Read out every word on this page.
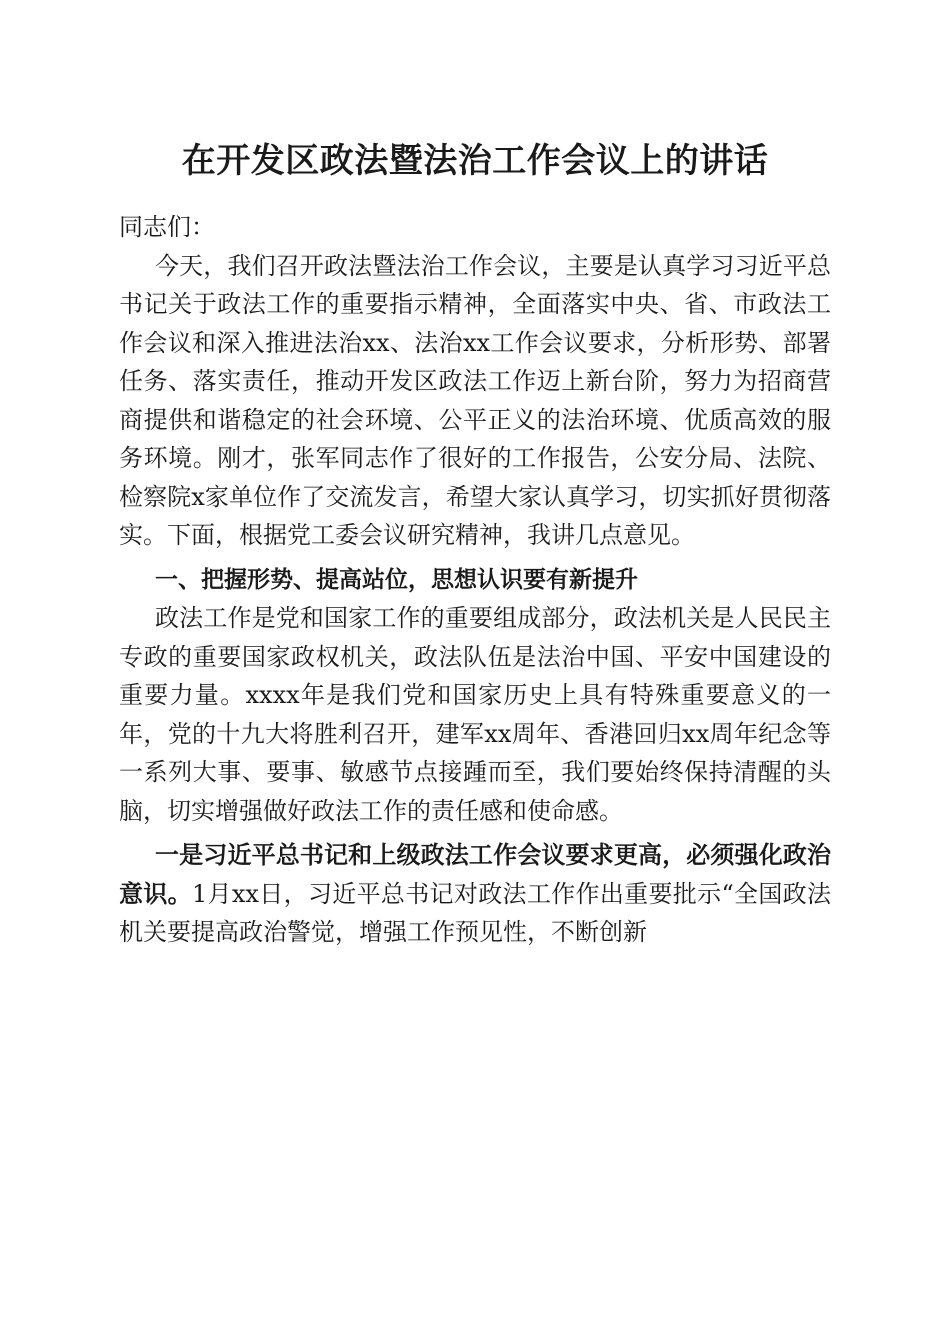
在开发区政法暨法治工作会议上的讲话

同志们：

今天，我们召开政法暨法治工作会议，主要是认真学习习近平总书记关于政法工作的重要指示精神，全面落实中央、省、市政法工作会议和深入推进法治xx、法治xx工作会议要求，分析形势、部署任务、落实责任，推动开发区政法工作迈上新台阶，努力为招商营商提供和谐稳定的社会环境、公平正义的法治环境、优质高效的服务环境。刚才，张军同志作了很好的工作报告，公安分局、法院、检察院x家单位作了交流发言，希望大家认真学习，切实抓好贯彻落实。下面，根据党工委会议研究精神，我讲几点意见。

一、把握形势、提高站位，思想认识要有新提升

政法工作是党和国家工作的重要组成部分，政法机关是人民民主专政的重要国家政权机关，政法队伍是法治中国、平安中国建设的重要力量。xxxx年是我们党和国家历史上具有特殊重要意义的一年，党的十九大将胜利召开，建军xx周年、香港回归xx周年纪念等一系列大事、要事、敏感节点接踵而至，我们要始终保持清醒的头脑，切实增强做好政法工作的责任感和使命感。

一是习近平总书记和上级政法工作会议要求更高，必须强化政治意识。1月xx日，习近平总书记对政法工作作出重要批示“全国政法机关要提高政治警觉，增强工作预见性，不断创新
